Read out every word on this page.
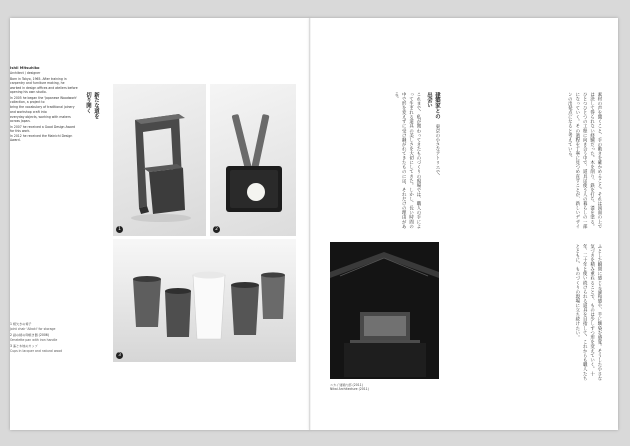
Ishii Mitsuhiko

Architect / designer

Born in Tokyo, 1965. After training in carpentry and furniture making, he

worked in design offices and ateliers before opening his own studio.

In 2005 he began the 'Japanese Woodwork' collection, a project to

bring the vocabulary of traditional joinery and workshop craft into

everyday objects, working with makers across Japan.

In 2007 he received a Good Design Award for this work.

In 2012 he received the Mainichi Design Award.

新たな道を切り開く
1	2
3
1 相欠きの椅子
Joint chair 'Aikaki' for storage
2 鉄の柄の卵焼き器 (2006)
Omelette pan with iron handle
3 漆と木地のカップ
Cups in lacquer and natural wood
建築家との出会い	素材の声を聞くこと、手の動きを確かめること。それは図面の上では決して得られない経験だった。木を削り、鉄を打ち、漆を塗る。ひとつひとつの工程に向き合う中で、道具は使う人の暮らしの一部になっていく。その過程を丁寧に見つめ直すことが、新しいデザインの出発点になると考えている。
東京の小さなアトリエで、
これまで、私が関わってきたものづくりの現場では、職人の手によって生まれる道具の美しさを大切にしてきた。しかし、長い時間の中で形を変えずに受け継がれてきたものには、それだけの理由がある。
ふとした瞬間に感じる違和感や、手に馴染む感覚。そうした小さな気づきを積み重ねることで、ものは少しずつ形を変えていく。十年、二十年と使い続けられる道具を目指して、これからも職人たちとともに、ものづくりの現場に立ち続けたい。
ニカイ建築内部 (2011)
Nikai Architecture (2011)
